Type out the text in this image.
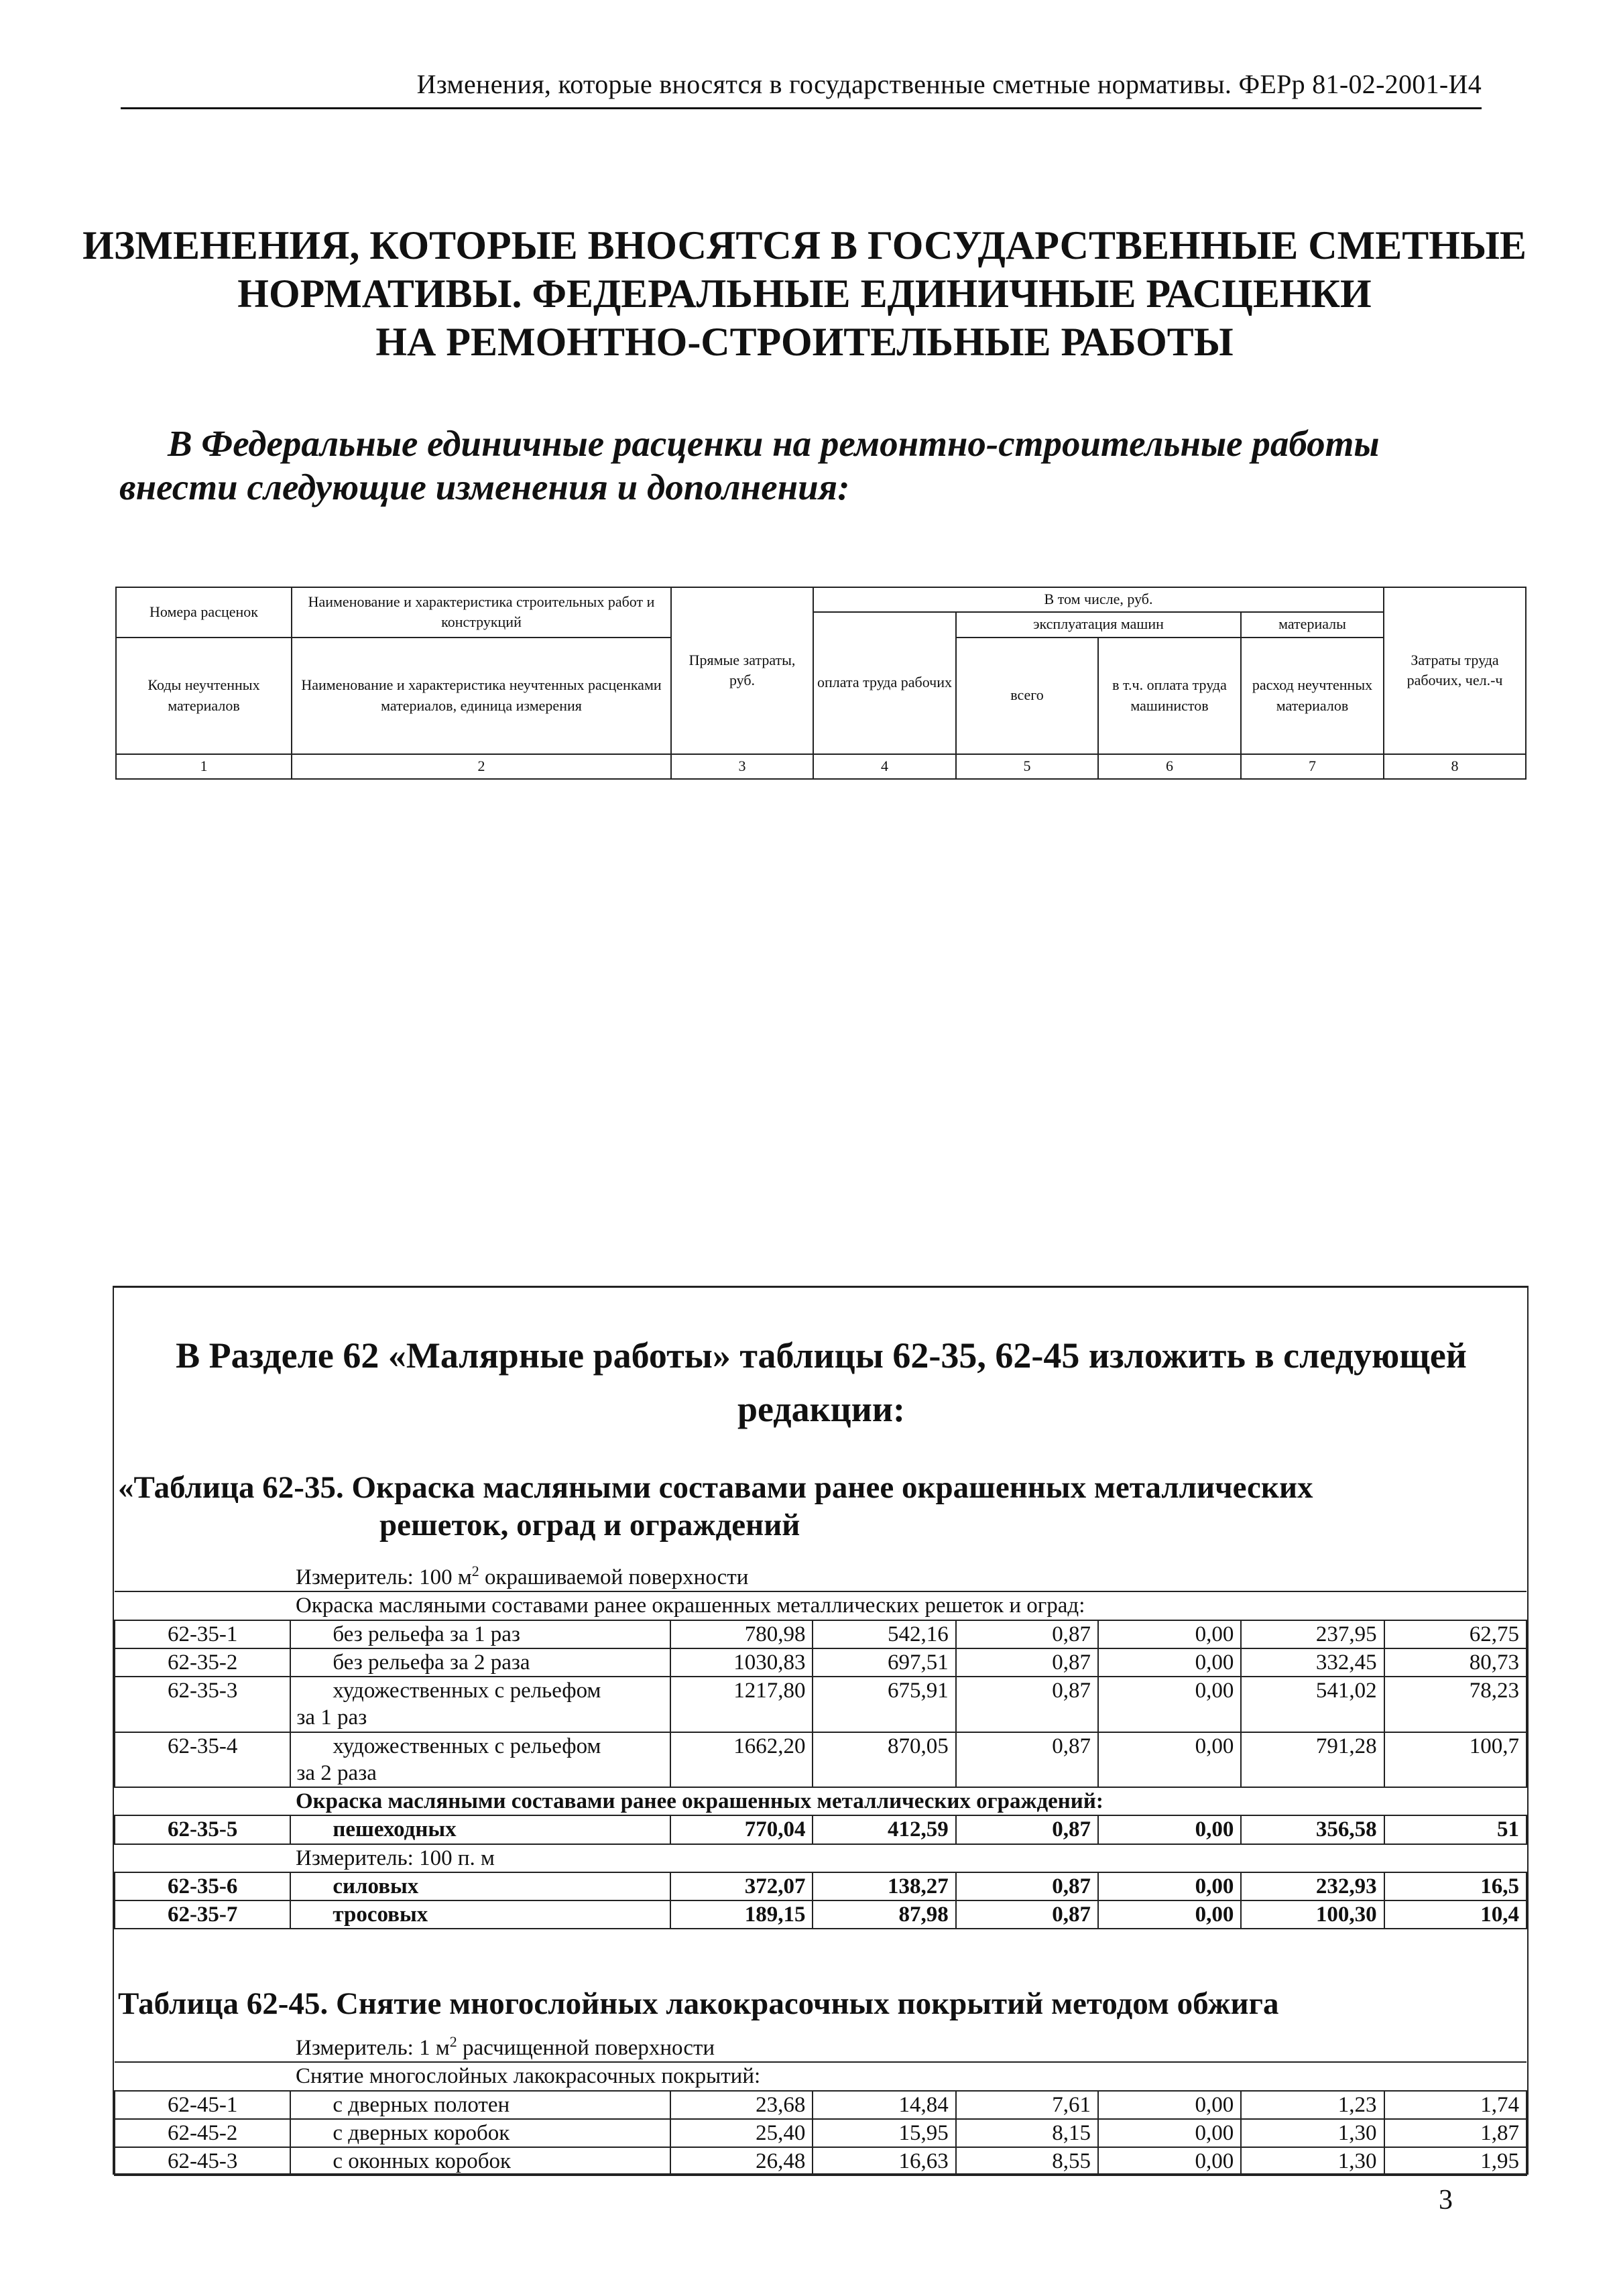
Изменения, которые вносятся в государственные сметные нормативы. ФЕРр 81-02-2001-И4
ИЗМЕНЕНИЯ, КОТОРЫЕ ВНОСЯТСЯ В ГОСУДАРСТВЕННЫЕ СМЕТНЫЕ
НОРМАТИВЫ. ФЕДЕРАЛЬНЫЕ ЕДИНИЧНЫЕ РАСЦЕНКИ
НА РЕМОНТНО-СТРОИТЕЛЬНЫЕ РАБОТЫ
В Федеральные единичные расценки на ремонтно-строительные работы
внести следующие изменения и дополнения:
Номера расценок	Наименование и характеристика строительных работ и конструкций	Прямые затраты, руб.	В том числе, руб.				Затраты труда рабочих, чел.-ч
			оплата труда рабочих	эксплуатация машин		материалы	
Коды неучтенных материалов	Наименование и характеристика неучтенных расценками материалов, единица измерения			всего	в т.ч. оплата труда машинистов	расход неучтенных материалов	

1	2	3	4	5	6	7	8
В Разделе 62 «Малярные работы» таблицы 62-35, 62-45 изложить в следующей
редакции:
«Таблица 62-35. Окраска масляными составами ранее окрашенных металлических
решеток, оград и ограждений
Измеритель: 100 $м^2$ окрашиваемой поверхности							
Окраска масляными составами ранее окрашенных металлических решеток и оград:							
62-35-1	без рельефа за 1 раз	780,98	542,16	0,87	0,00	237,95	62,75
62-35-2	без рельефа за 2 раза	1030,83	697,51	0,87	0,00	332,45	80,73
62-35-3	художественных с рельефом
за 1 раз	1217,80	675,91	0,87	0,00	541,02	78,23
62-35-4	художественных с рельефом
за 2 раза	1662,20	870,05	0,87	0,00	791,28	100,7
Окраска масляными составами ранее окрашенных металлических ограждений:							
62-35-5	пешеходных	770,04	412,59	0,87	0,00	356,58	51
Измеритель: 100 п. м							
62-35-6	силовых	372,07	138,27	0,87	0,00	232,93	16,5
62-35-7	тросовых	189,15	87,98	0,87	0,00	100,30	10,4
Таблица 62-45. Снятие многослойных лакокрасочных покрытий методом обжига
Измеритель: 1 $м^2$ расчищенной поверхности							
Снятие многослойных лакокрасочных покрытий:							
62-45-1	с дверных полотен	23,68	14,84	7,61	0,00	1,23	1,74
62-45-2	с дверных коробок	25,40	15,95	8,15	0,00	1,30	1,87
62-45-3	с оконных коробок	26,48	16,63	8,55	0,00	1,30	1,95
3
